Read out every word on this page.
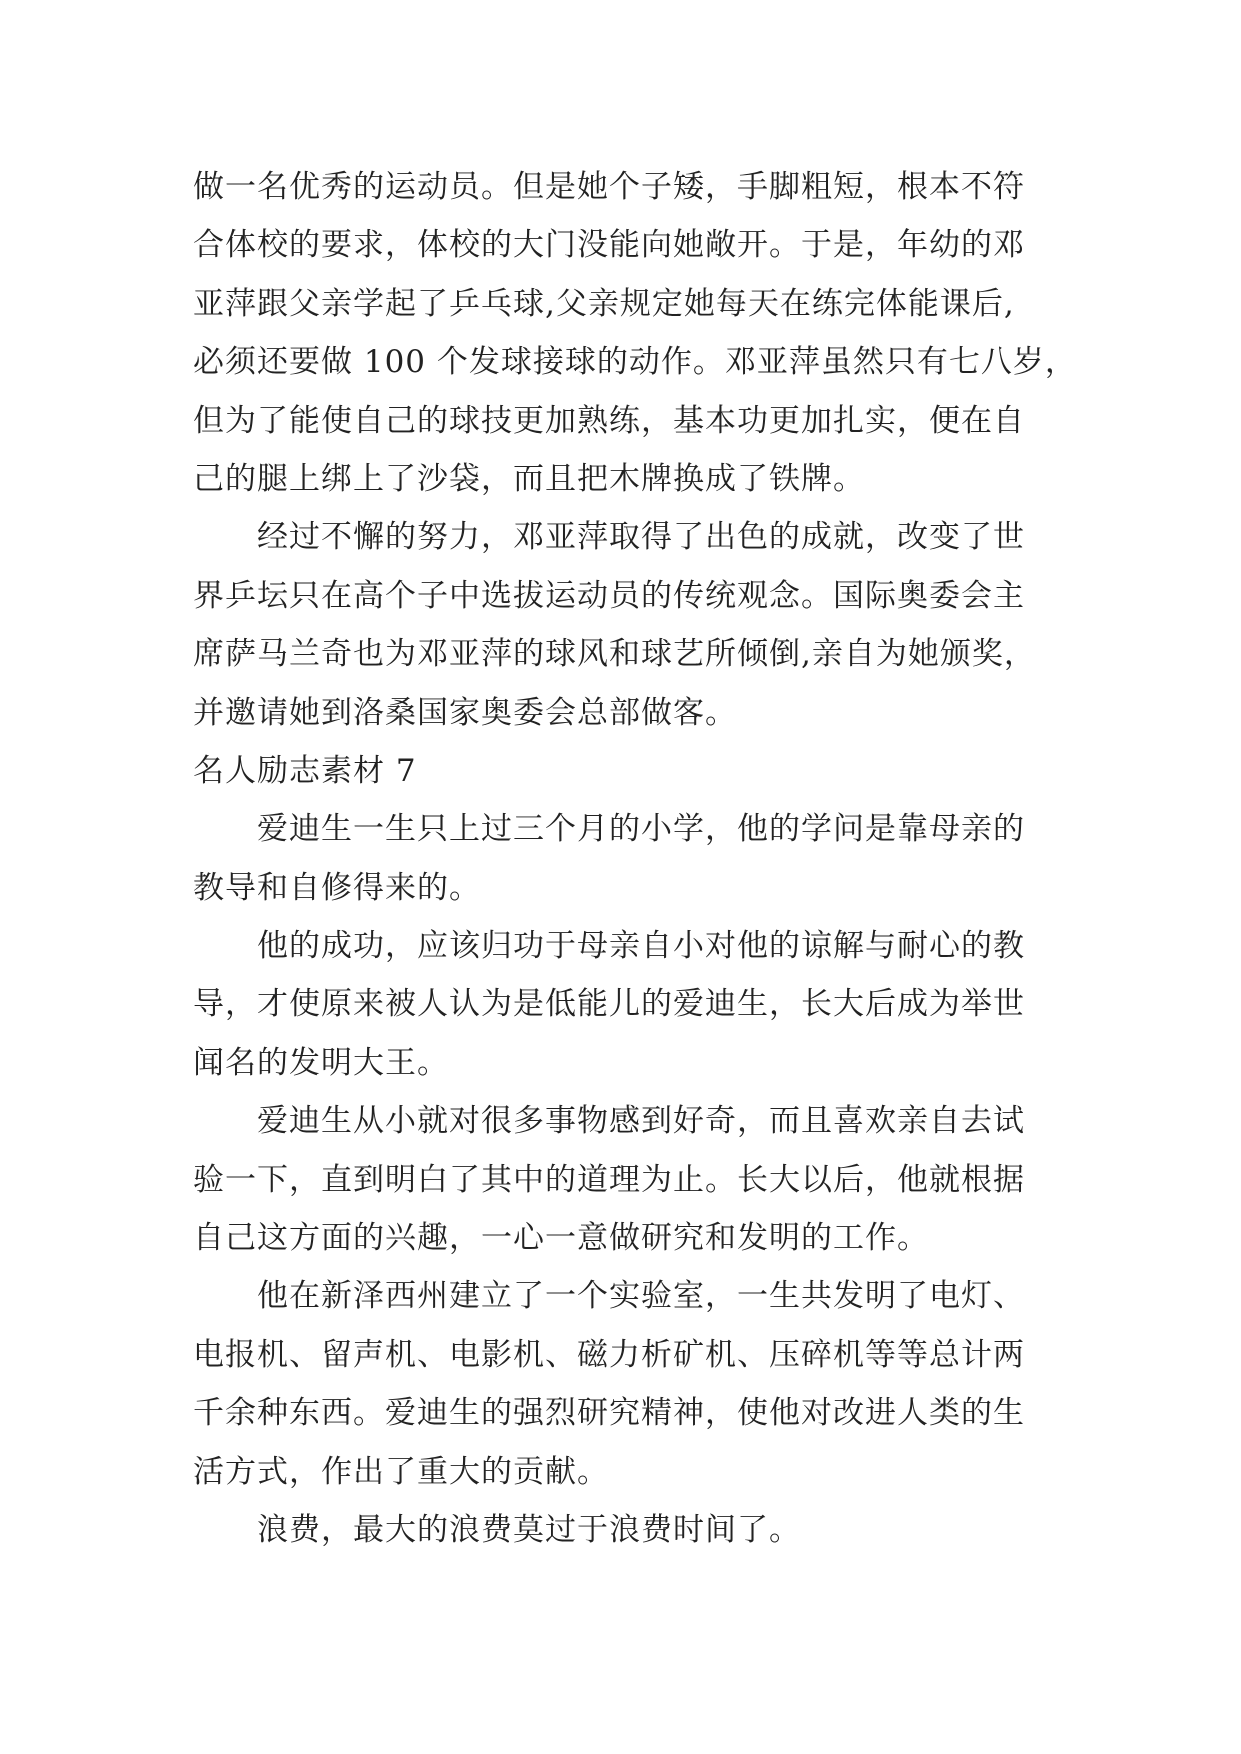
做一名优秀的运动员。但是她个子矮，手脚粗短，根本不符
合体校的要求，体校的大门没能向她敞开。于是，年幼的邓
亚萍跟父亲学起了乒乓球,父亲规定她每天在练完体能课后,
必须还要做 100 个发球接球的动作。邓亚萍虽然只有七八岁，
但为了能使自己的球技更加熟练，基本功更加扎实，便在自
己的腿上绑上了沙袋，而且把木牌换成了铁牌。
经过不懈的努力，邓亚萍取得了出色的成就，改变了世
界乒坛只在高个子中选拔运动员的传统观念。国际奥委会主
席萨马兰奇也为邓亚萍的球风和球艺所倾倒,亲自为她颁奖，
并邀请她到洛桑国家奥委会总部做客。
名人励志素材 7
爱迪生一生只上过三个月的小学，他的学问是靠母亲的
教导和自修得来的。
他的成功，应该归功于母亲自小对他的谅解与耐心的教
导，才使原来被人认为是低能儿的爱迪生，长大后成为举世
闻名的发明大王。
爱迪生从小就对很多事物感到好奇，而且喜欢亲自去试
验一下，直到明白了其中的道理为止。长大以后，他就根据
自己这方面的兴趣，一心一意做研究和发明的工作。
他在新泽西州建立了一个实验室，一生共发明了电灯、
电报机、留声机、电影机、磁力析矿机、压碎机等等总计两
千余种东西。爱迪生的强烈研究精神，使他对改进人类的生
活方式，作出了重大的贡献。
浪费，最大的浪费莫过于浪费时间了。
